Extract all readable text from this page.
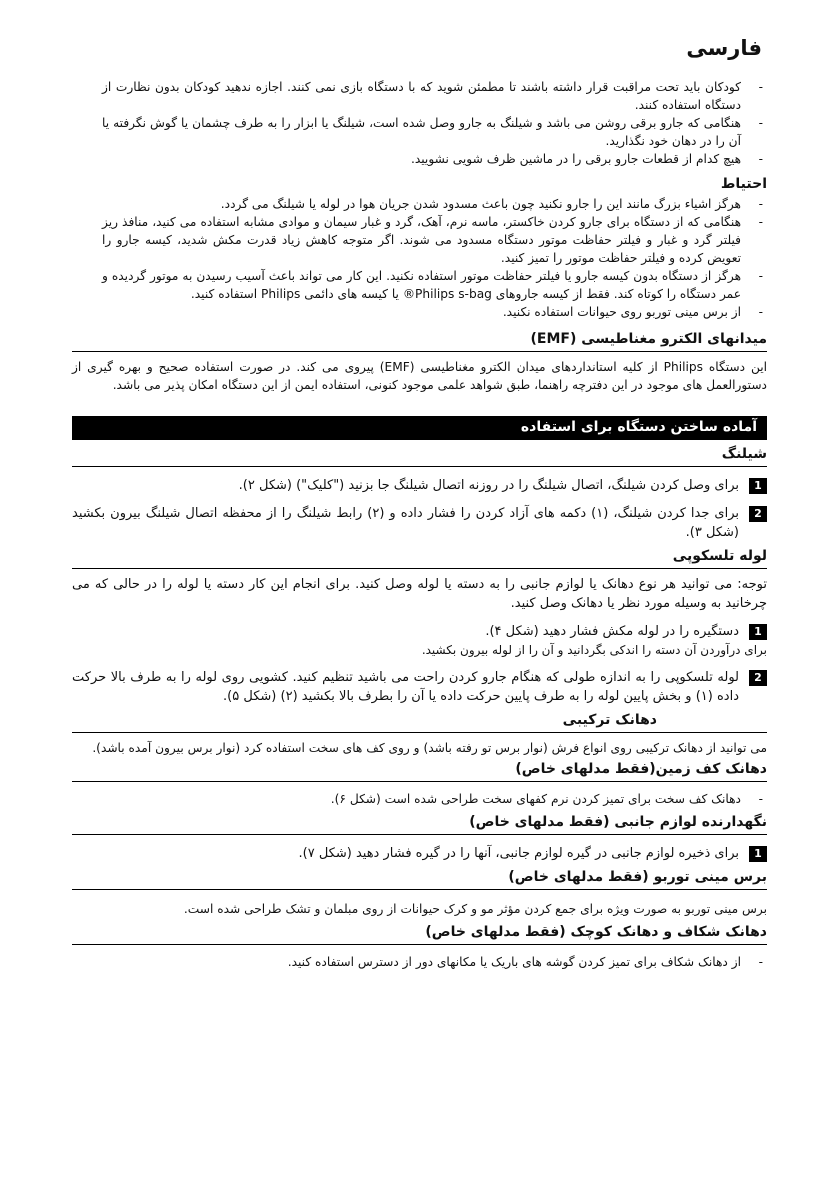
فارسی
- کودکان باید تحت مراقبت قرار داشته باشند تا مطمئن شوید که با دستگاه بازی نمی کنند. اجازه ندهید کودکان بدون نظارت از دستگاه استفاده کنند.
- هنگامی که جارو برقی روشن می باشد و شیلنگ به جارو وصل شده است، شیلنگ یا ابزار را به طرف چشمان یا گوش نگرفته یا آن را در دهان خود نگذارید.
- هیچ کدام از قطعات جارو برقی را در ماشین ظرف شویی نشویید.
احتیاط
- هرگز اشیاء بزرگ مانند این را جارو نکنید چون باعث مسدود شدن جریان هوا در لوله یا شیلنگ می گردد.
- هنگامی که از دستگاه برای جارو کردن خاکستر، ماسه نرم، آهک، گرد و غبار سیمان و موادی مشابه استفاده می کنید، منافذ ریز فیلتر گرد و غبار و فیلتر حفاظت موتور دستگاه مسدود می شوند. اگر متوجه کاهش زیاد قدرت مکش شدید، کیسه جارو را تعویض کرده و فیلتر حفاظت موتور را تمیز کنید.
- هرگز از دستگاه بدون کیسه جارو یا فیلتر حفاظت موتور استفاده نکنید. این کار می تواند باعث آسیب رسیدن به موتور گردیده و عمر دستگاه را کوتاه کند. فقط از کیسه جاروهای Philips s-bag® یا کیسه های دائمی Philips استفاده کنید.
- از برس مینی توربو روی حیوانات استفاده نکنید.
میدانهای الکترو مغناطیسی (EMF)

این دستگاه Philips از کلیه استانداردهای میدان الکترو مغناطیسی (EMF) پیروی می کند. در صورت استفاده صحیح و بهره گیری از دستورالعمل های موجود در این دفترچه راهنما، طبق شواهد علمی موجود کنونی، استفاده ایمن از این دستگاه امکان پذیر می باشد.

آماده ساختن دستگاه برای استفاده
شیلنگ
1
برای وصل کردن شیلنگ، اتصال شیلنگ را در روزنه اتصال شیلنگ جا بزنید ("کلیک") (شکل ۲).
2
برای جدا کردن شیلنگ، (۱) دکمه های آزاد کردن را فشار داده و (۲) رابط شیلنگ را از محفظه اتصال شیلنگ بیرون بکشید (شکل ۳).
لوله تلسکوپی

توجه: می توانید هر نوع دهانک یا لوازم جانبی را به دسته یا لوله وصل کنید. برای انجام این کار دسته یا لوله را در حالی که می چرخانید به وسیله مورد نظر یا دهانک وصل کنید.

1
دستگیره را در لوله مکش فشار دهید (شکل ۴).
برای درآوردن آن دسته را اندکی بگردانید و آن را از لوله بیرون بکشید.
2
لوله تلسکوپی را به اندازه طولی که هنگام جارو کردن راحت می باشید تنظیم کنید. کشویی روی لوله را به طرف بالا حرکت داده (۱) و بخش پایین لوله را به طرف پایین حرکت داده یا آن را بطرف بالا بکشید (۲) (شکل ۵).
دهانک ترکیبی

می توانید از دهانک ترکیبی روی انواع فرش (نوار برس تو رفته باشد) و روی کف های سخت استفاده کرد (نوار برس بیرون آمده باشد).

دهانک کف زمین(فقط مدلهای خاص)
- دهانک کف سخت برای تمیز کردن نرم کفهای سخت طراحی شده است (شکل ۶).
نگهدارنده لوازم جانبی (فقط مدلهای خاص)
1
برای ذخیره لوازم جانبی در گیره لوازم جانبی، آنها را در گیره فشار دهید (شکل ۷).
برس مینی توربو (فقط مدلهای خاص)

برس مینی توربو به صورت ویژه برای جمع کردن مؤثر مو و کرک حیوانات از روی مبلمان و تشک طراحی شده است.

دهانک شکاف و دهانک کوچک (فقط مدلهای خاص)
- از دهانک شکاف برای تمیز کردن گوشه های باریک یا مکانهای دور از دسترس استفاده کنید.
